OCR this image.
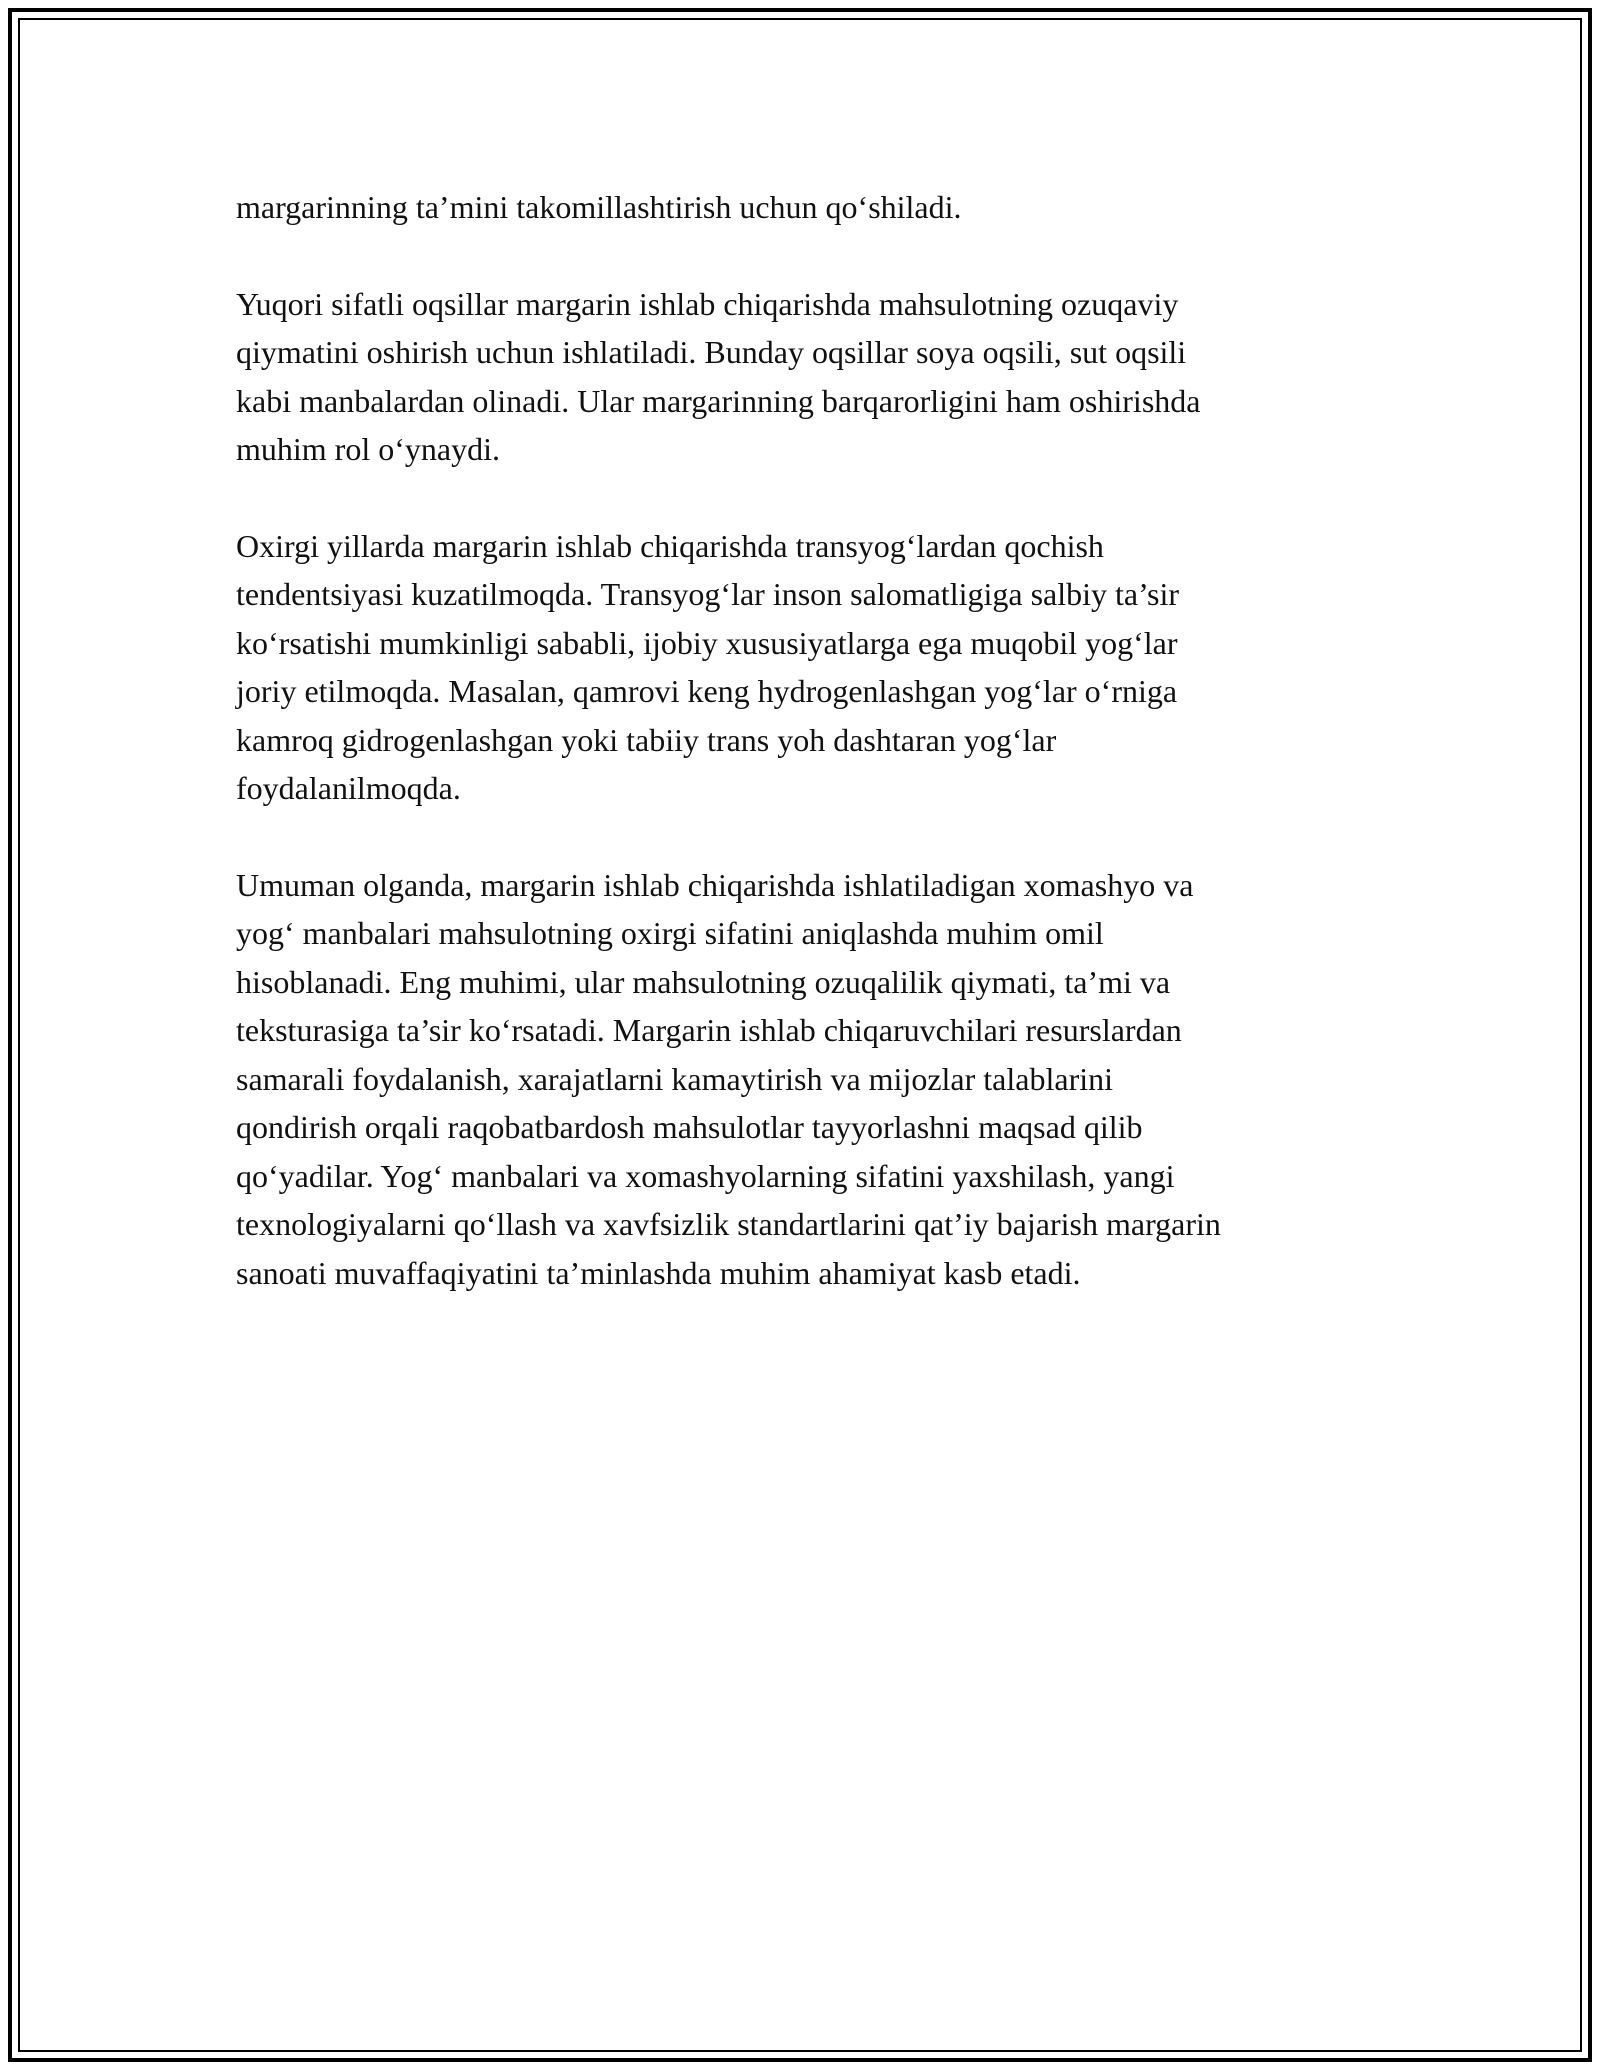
margarinning ta’mini takomillashtirish uchun qo‘shiladi.

Yuqori sifatli oqsillar margarin ishlab chiqarishda mahsulotning ozuqaviy
qiymatini oshirish uchun ishlatiladi. Bunday oqsillar soya oqsili, sut oqsili
kabi manbalardan olinadi. Ular margarinning barqarorligini ham oshirishda
muhim rol o‘ynaydi.

Oxirgi yillarda margarin ishlab chiqarishda transyog‘lardan qochish
tendentsiyasi kuzatilmoqda. Transyog‘lar inson salomatligiga salbiy ta’sir
ko‘rsatishi mumkinligi sababli, ijobiy xususiyatlarga ega muqobil yog‘lar
joriy etilmoqda. Masalan, qamrovi keng hydrogenlashgan yog‘lar o‘rniga
kamroq gidrogenlashgan yoki tabiiy trans yoh dashtaran yog‘lar
foydalanilmoqda.

Umuman olganda, margarin ishlab chiqarishda ishlatiladigan xomashyo va
yog‘ manbalari mahsulotning oxirgi sifatini aniqlashda muhim omil
hisoblanadi. Eng muhimi, ular mahsulotning ozuqalilik qiymati, ta’mi va
teksturasiga ta’sir ko‘rsatadi. Margarin ishlab chiqaruvchilari resurslardan
samarali foydalanish, xarajatlarni kamaytirish va mijozlar talablarini
qondirish orqali raqobatbardosh mahsulotlar tayyorlashni maqsad qilib
qo‘yadilar. Yog‘ manbalari va xomashyolarning sifatini yaxshilash, yangi
texnologiyalarni qo‘llash va xavfsizlik standartlarini qat’iy bajarish margarin
sanoati muvaffaqiyatini ta’minlashda muhim ahamiyat kasb etadi.
